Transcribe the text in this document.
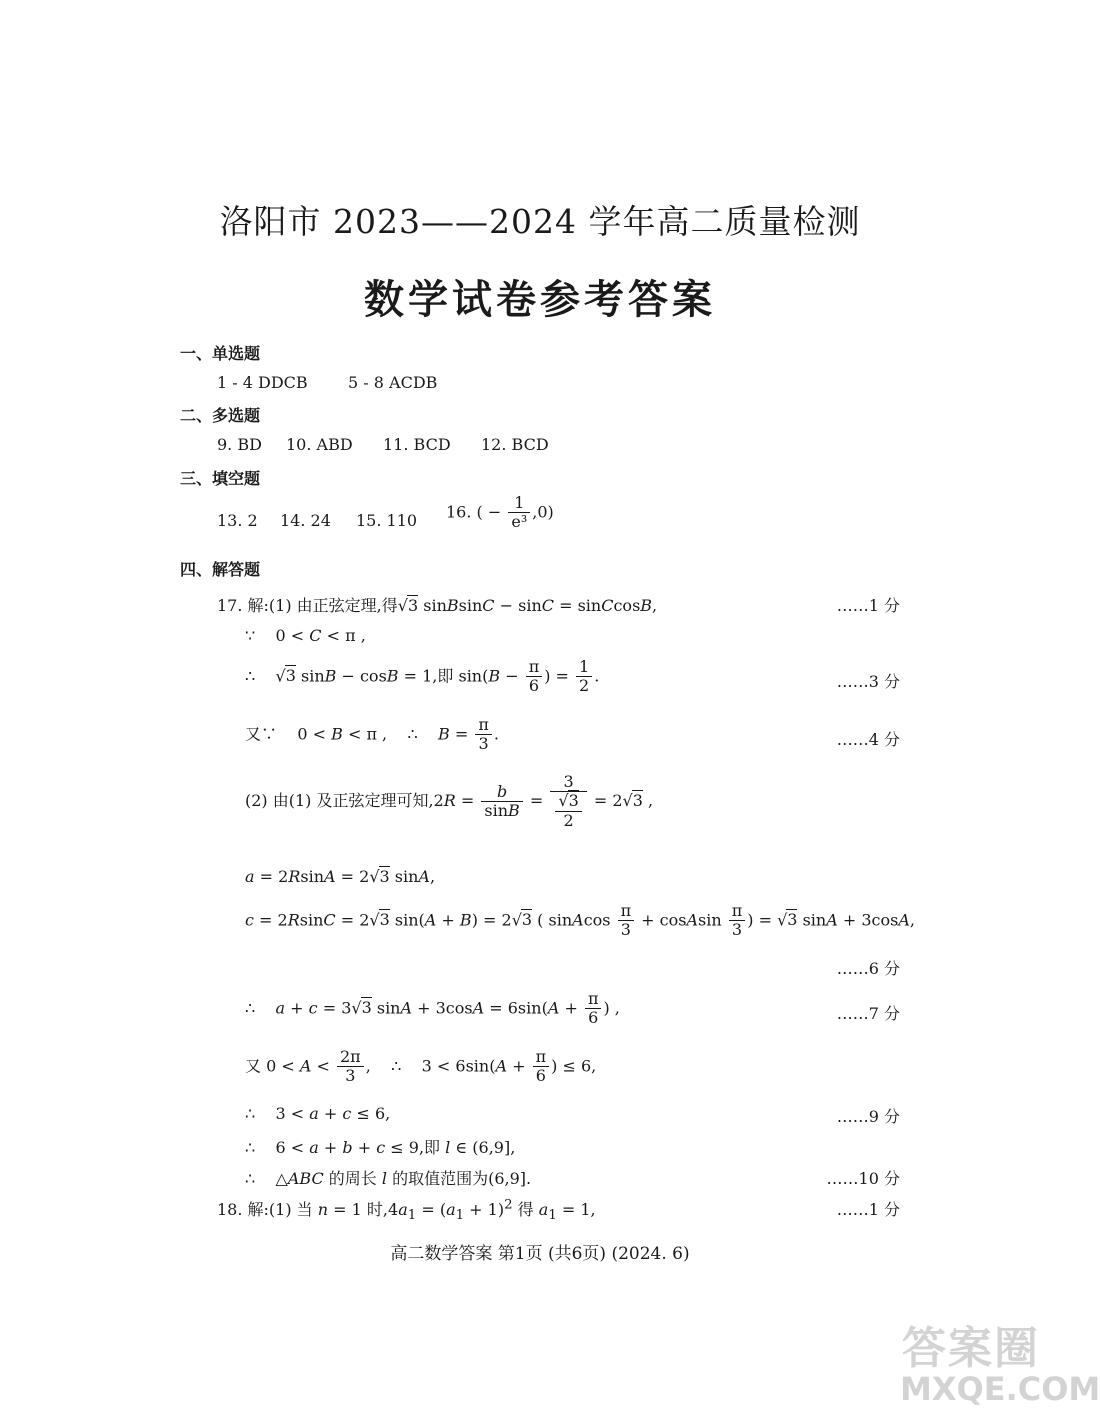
洛阳市 2023——2024 学年高二质量检测
数学试卷参考答案
一、单选题
1 - 4 DDCB	5 - 8 ACDB
二、多选题
9. BD 10. ABD 11. BCD 12. BCD
三、填空题
13. 2 14. 24 15. 110 16. ( − $\frac{1}{\text{e³}} ,0$)
四、解答题
17. 解:(1) 由正弦定理,得√3 sinBsinC − sinC = sinCcosB,	……1 分
∵    0 < C < π ,
∴    √3 sinB − cosB = 1,即 $\sin(B - \frac{\pi}{6}$ ) = $\frac{1}{2}$ .	……3 分
又∵    0 < B < π ,    ∴    $B = \frac{\pi}{3}$ .	……4 分
(2) 由(1) 及正弦定理可知$,2R = \frac{b}{\sin B} = \frac{3}{\frac{√3}{2}} = 2√3$ ,
a = 2RsinA = 2√3 sinA,
c = 2RsinC = 2√3 sin(A + B) = 2√3 ( sinAcos $\frac{\pi}{3}$ + cosAsin $\frac{\pi}{3}$ ) = √3 sinA + 3cosA,
……6 分
∴    a + c = 3√3 $\sin A + 3\cos A = 6\sin(A + \frac{\pi}{6}$ ) ,	……7 分
又 $0 < A < \frac{2\pi}{3}$ ,    ∴    $3 < 6\sin(A + \frac{\pi}{6}$ ) ≤ 6,
∴    3 < a + c ≤ 6,	……9 分
∴    6 < a + b + c ≤ 9,即 l ∈ (6,9],
∴    △ABC 的周长 l 的取值范围为(6,9].	……10 分
18. 解:(1) 当 n = 1 时$,4a_1 = (a_1 + 1)^2$ 得 $a_1 = 1$,	……1 分
高二数学答案 第1页 (共6页) (2024. 6)
答案圈
MXQE.COM
